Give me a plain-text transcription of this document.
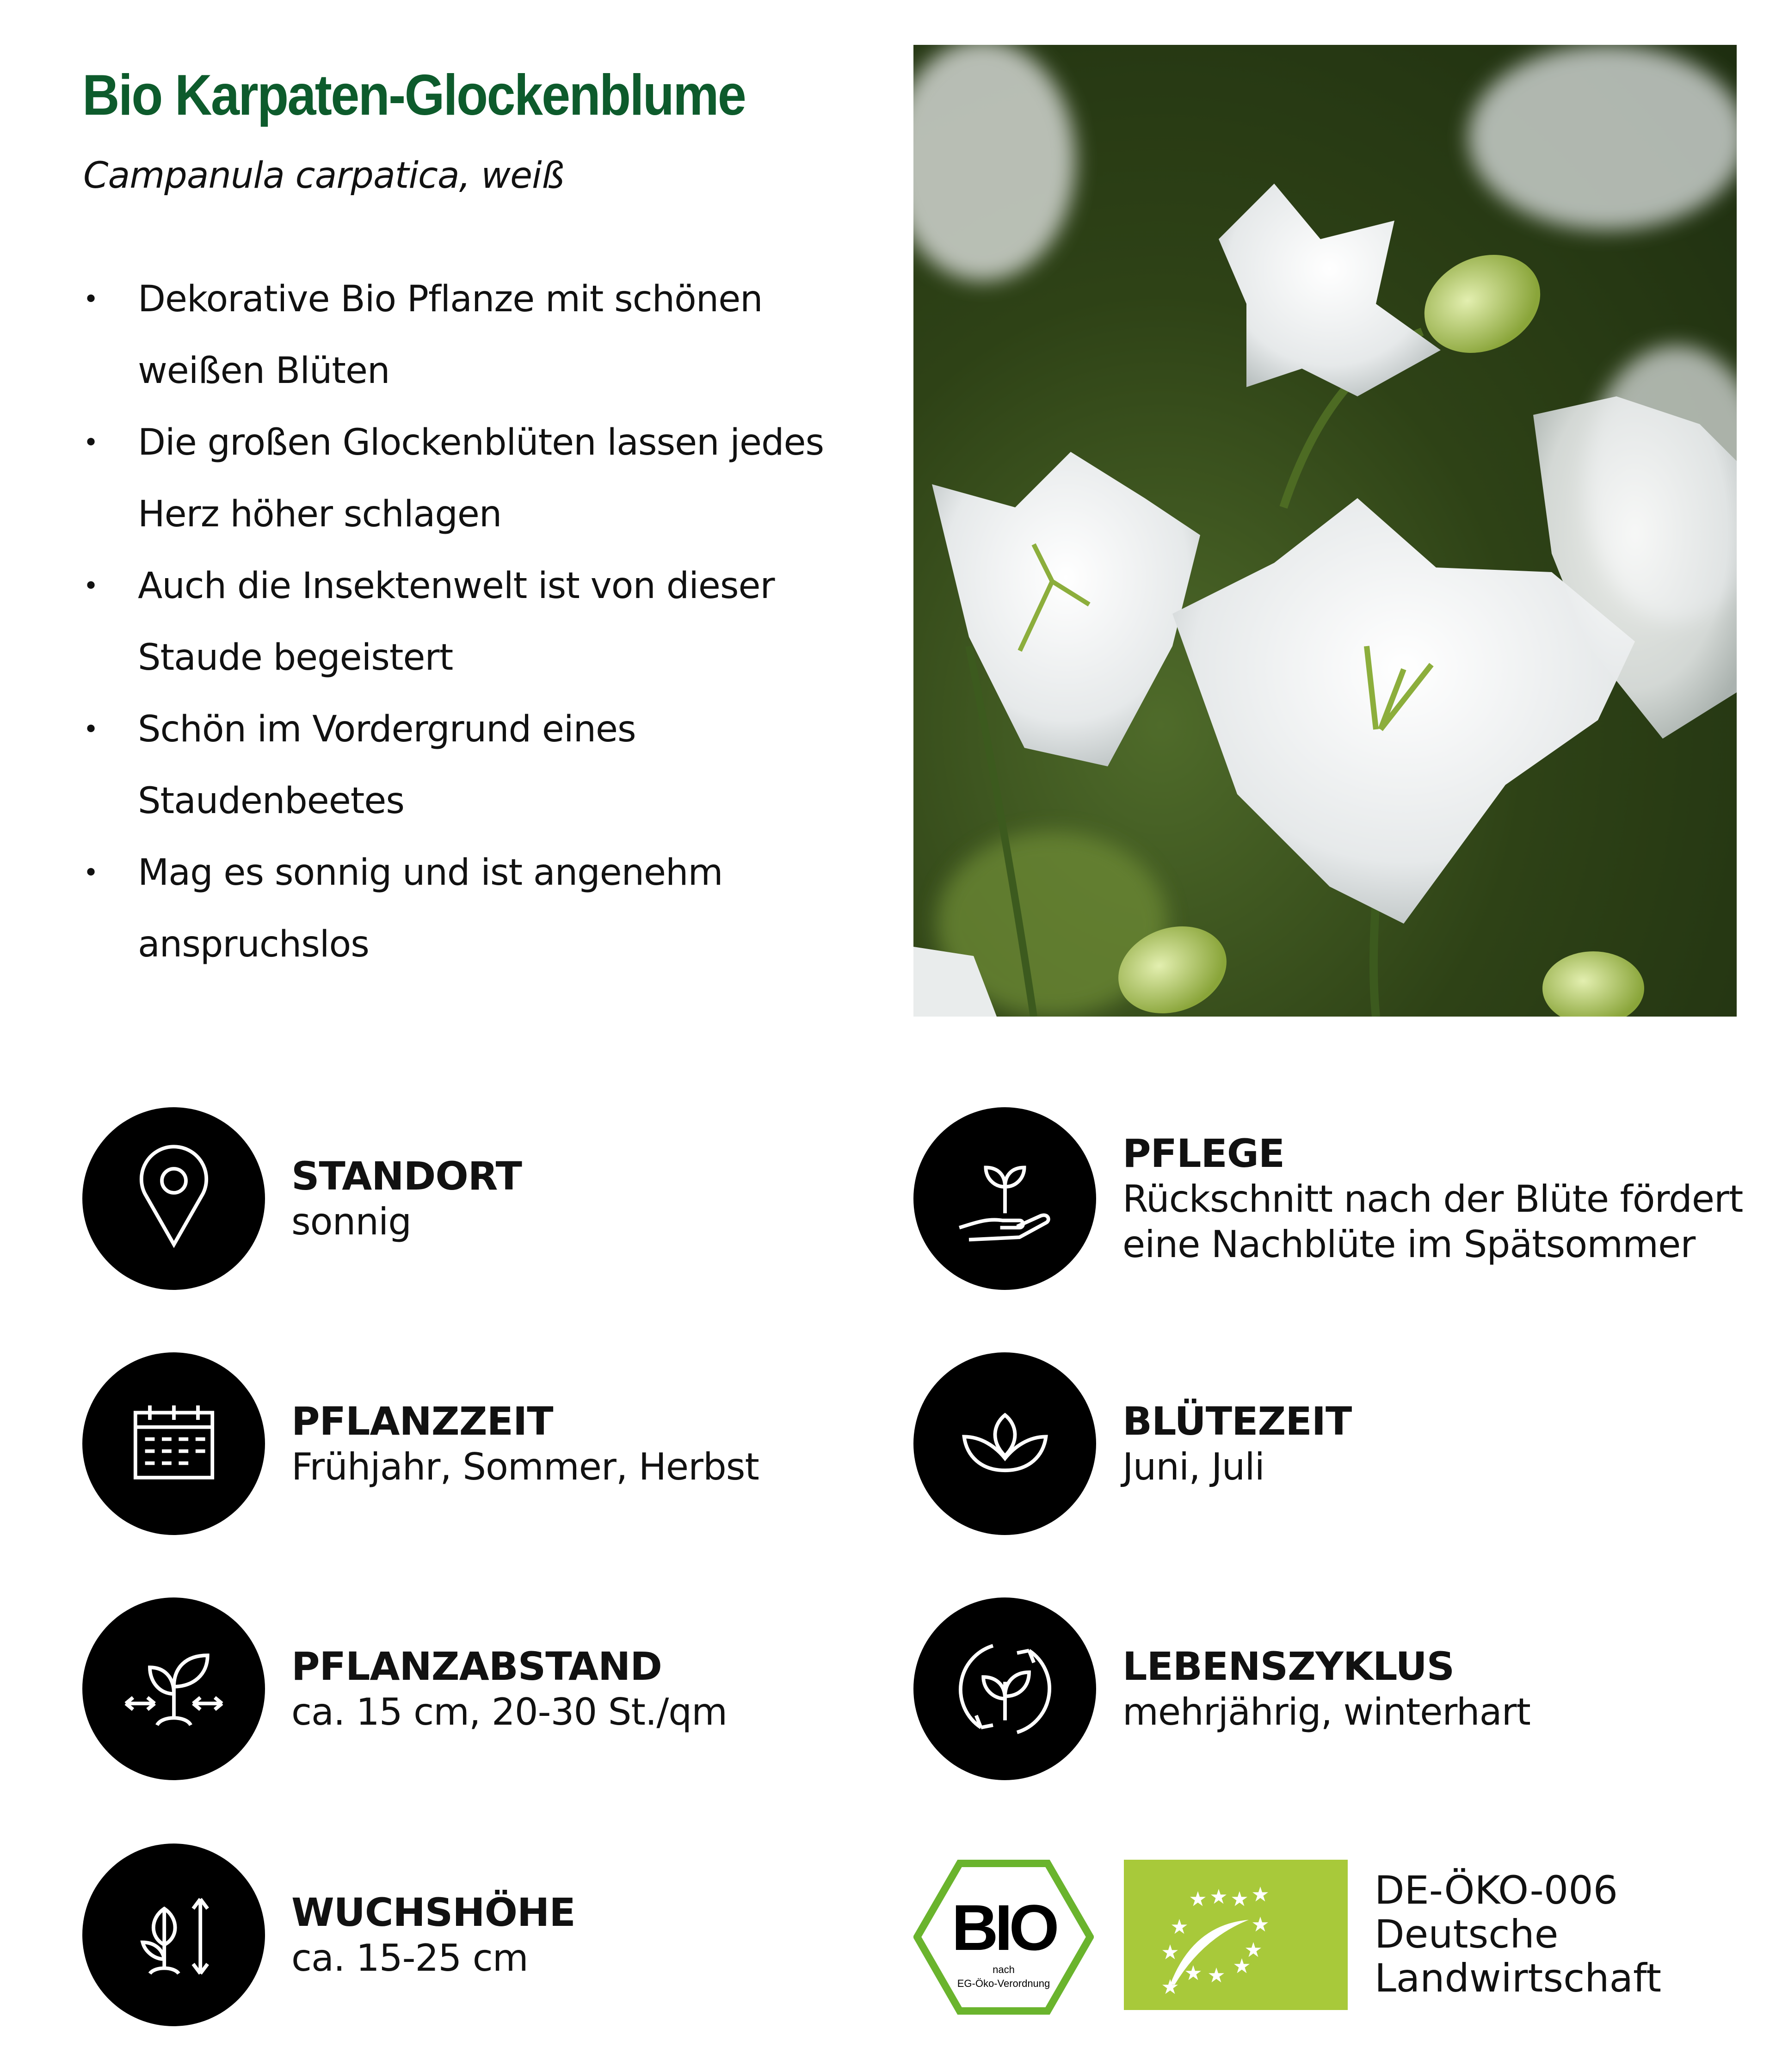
Bio Karpaten-Glockenblume
Campanula carpatica, weiß
• Dekorative Bio Pflanze mit schönen weißen Blüten
• Die großen Glockenblüten lassen jedes Herz höher schlagen
• Auch die Insektenwelt ist von dieser Staude begeistert
• Schön im Vordergrund eines Staudenbeetes
• Mag es sonnig und ist angenehm anspruchslos
STANDORT
sonnig
PFLEGE
Rückschnitt nach der Blüte fördert eine Nachblüte im Spätsommer
PFLANZZEIT
Frühjahr, Sommer, Herbst
BLÜTEZEIT
Juni, Juli
PFLANZABSTAND
ca. 15 cm, 20-30 St./qm
LEBENSZYKLUS
mehrjährig, winterhart
WUCHSHÖHE
ca. 15-25 cm	BIO
nach
EG-Öko-Verordnung
★ ★ ★ ★
★	★
★	★
★ ★ ★
★
DE-ÖKO-006
Deutsche
Landwirtschaft
